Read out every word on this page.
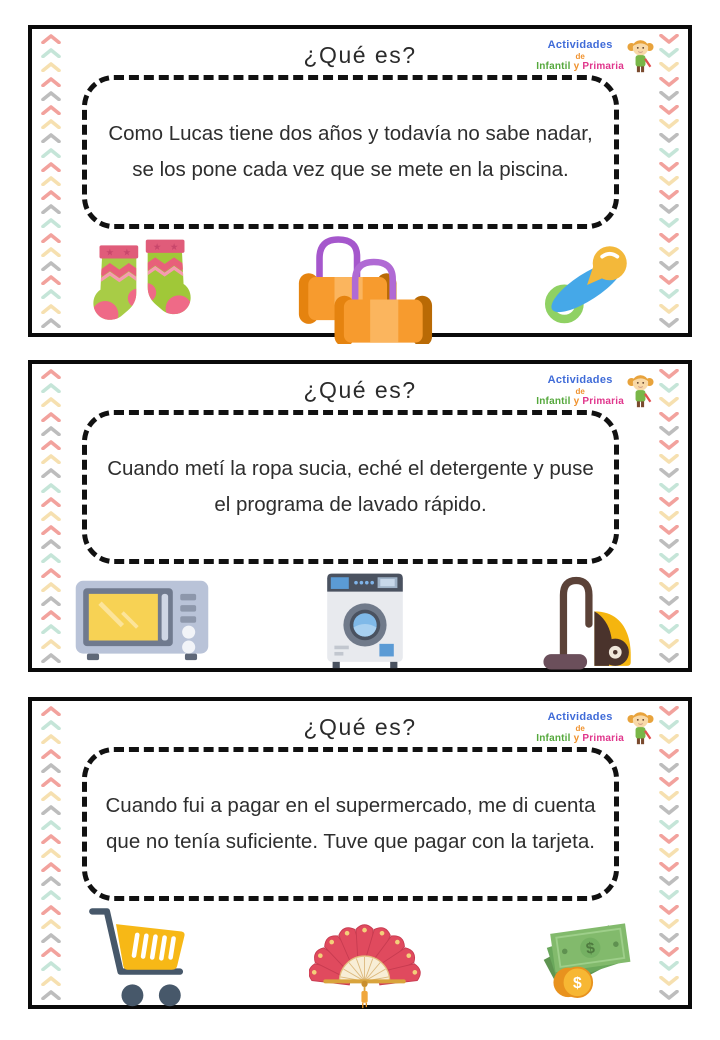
¿Qué es?	Actividades
de
Infantil y Primaria
Como Lucas tiene dos años y todavía no sabe nadar,
se los pone cada vez que se mete en la piscina.
★ ★
★
★
¿Qué es?	Actividades
de
Infantil y Primaria
Cuando metí la ropa sucia, eché el detergente y puse
el programa de lavado rápido.
¿Qué es?	Actividades
de
Infantil y Primaria
Cuando fui a pagar en el supermercado, me di cuenta
que no tenía suficiente. Tuve que pagar con la tarjeta.
$
$
